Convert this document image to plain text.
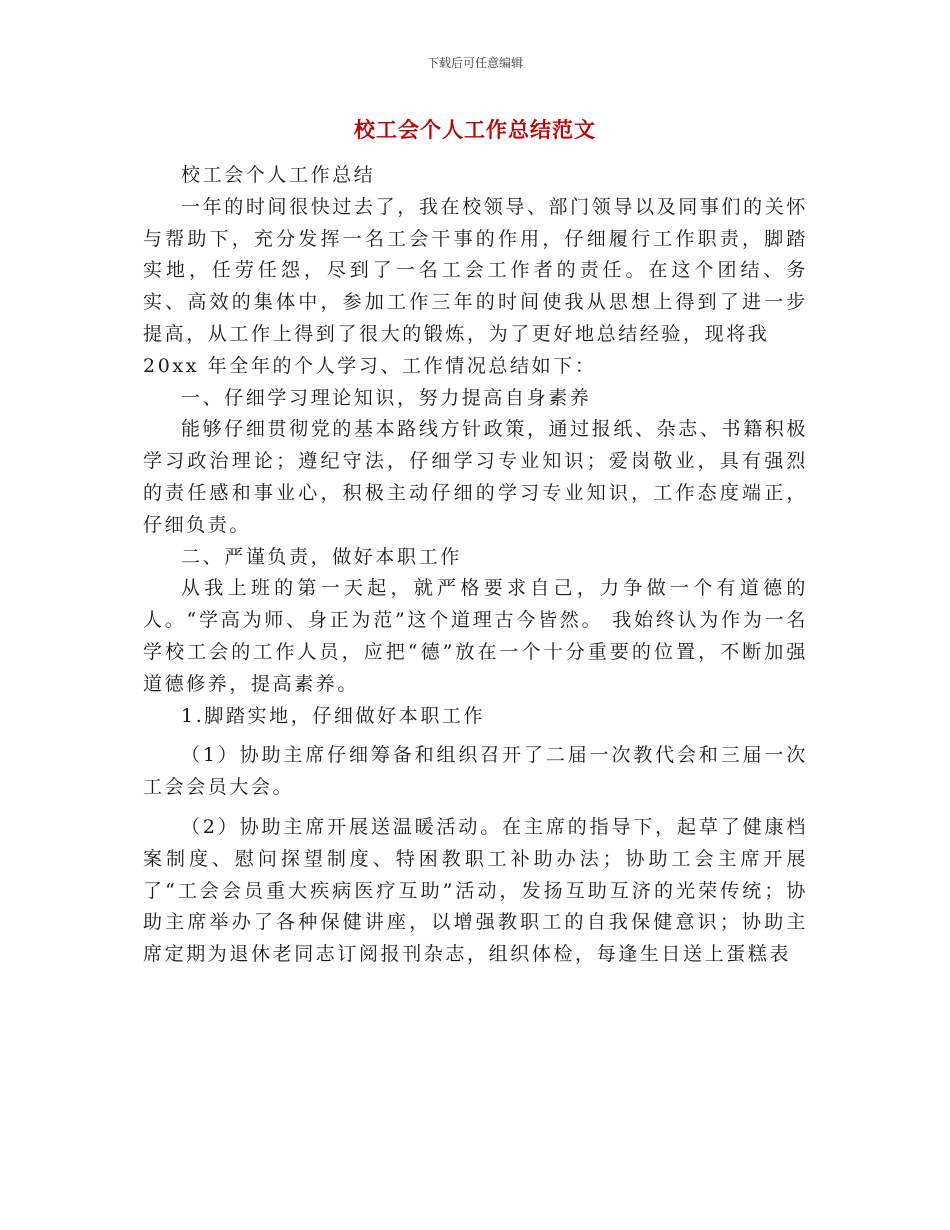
下载后可任意编辑
校工会个人工作总结范文

校工会个人工作总结

一年的时间很快过去了，我在校领导、部门领导以及同事们的关怀与帮助下，充分发挥一名工会干事的作用，仔细履行工作职责，脚踏实地，任劳任怨，尽到了一名工会工作者的责任。在这个团结、务实、高效的集体中，参加工作三年的时间使我从思想上得到了进一步提高，从工作上得到了很大的锻炼，为了更好地总结经验，现将我

20xx 年全年的个人学习、工作情况总结如下：

一、仔细学习理论知识，努力提高自身素养

能够仔细贯彻党的基本路线方针政策，通过报纸、杂志、书籍积极学习政治理论；遵纪守法，仔细学习专业知识；爱岗敬业，具有强烈的责任感和事业心，积极主动仔细的学习专业知识，工作态度端正，仔细负责。

二、严谨负责，做好本职工作

从我上班的第一天起，就严格要求自己，力争做一个有道德的人。“学高为师、身正为范”这个道理古今皆然。 我始终认为作为一名学校工会的工作人员，应把“德”放在一个十分重要的位置，不断加强道德修养，提高素养。

1.脚踏实地，仔细做好本职工作

（1）协助主席仔细筹备和组织召开了二届一次教代会和三届一次工会会员大会。

（2）协助主席开展送温暖活动。在主席的指导下，起草了健康档案制度、慰问探望制度、特困教职工补助办法；协助工会主席开展了“工会会员重大疾病医疗互助”活动，发扬互助互济的光荣传统；协助主席举办了各种保健讲座，以增强教职工的自我保健意识；协助主席定期为退休老同志订阅报刊杂志，组织体检，每逢生日送上蛋糕表
